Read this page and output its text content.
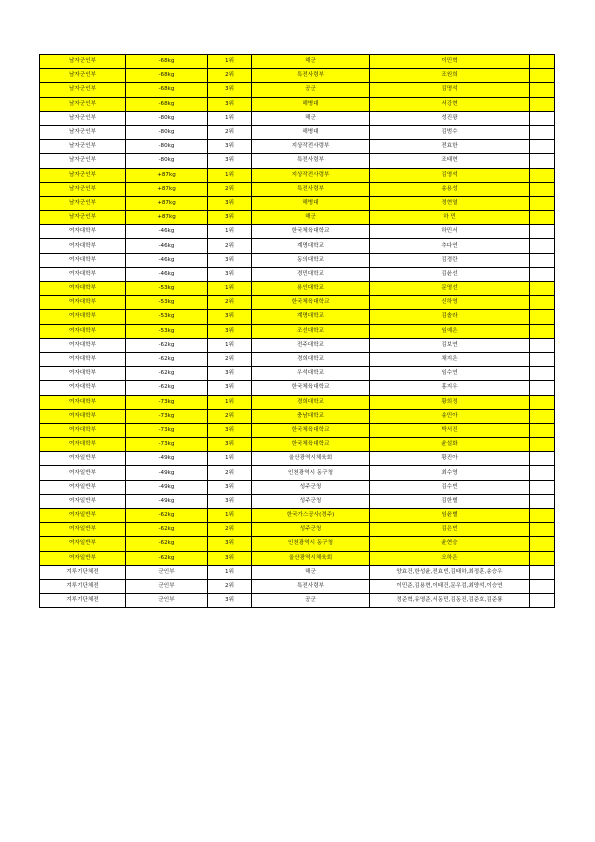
남자군인부	-68kg	1위	해군	이민혁	
남자군인부	-68kg	2위	특전사령부	조원희	
남자군인부	-68kg	3위	공군	김명석	
남자군인부	-68kg	3위	해병대	서강현	
남자군인부	-80kg	1위	해군	성진광	
남자군인부	-80kg	2위	해병대	김범수	
남자군인부	-80kg	3위	지상작전사령부	전효한	
남자군인부	-80kg	3위	특전사령부	조태현	
남자군인부	+87kg	1위	지상작전사령부	김영석	
남자군인부	+87kg	2위	특전사령부	송용성	
남자군인부	+87kg	3위	해병대	정현열	
남자군인부	+87kg	3위	해군	하 민	
여자대학부	-46kg	1위	한국체육대학교	하민서	
여자대학부	-46kg	2위	계명대학교	추다연	
여자대학부	-46kg	3위	동의대학교	김경란	
여자대학부	-46kg	3위	경민대학교	김윤선	
여자대학부	-53kg	1위	용인대학교	문영선	
여자대학부	-53kg	2위	한국체육대학교	신하영	
여자대학부	-53kg	3위	계명대학교	김솔라	
여자대학부	-53kg	3위	조선대학교	임예은	
여자대학부	-62kg	1위	전주대학교	김보연	
여자대학부	-62kg	2위	경희대학교	채지은	
여자대학부	-62kg	3위	우석대학교	임수연	
여자대학부	-62kg	3위	한국체육대학교	홍지우	
여자대학부	-73kg	1위	경희대학교	황희정	
여자대학부	-73kg	2위	충남대학교	송민아	
여자대학부	-73kg	3위	한국체육대학교	박서진	
여자대학부	-73kg	3위	한국체육대학교	윤설화	
여자일반부	-49kg	1위	울산광역시체육회	황진아	
여자일반부	-49kg	2위	인천광역시 동구청	최수영	
여자일반부	-49kg	3위	성주군청	김수빈	
여자일반부	-49kg	3위	성주군청	김한별	
여자일반부	-62kg	1위	한국가스공사(경주)	임윤별	
여자일반부	-62kg	2위	성주군청	김은빈	
여자일반부	-62kg	3위	인천광역시 동구청	윤현승	
여자일반부	-62kg	3위	울산광역시체육회	오하은	
겨루기단체전	군인부	1위	해군	양효건,한성윤,전효빈,김태하,최정훈,송승우	
겨루기단체전	군인부	2위	특전사령부	이민준,김용현,이태건,문우검,최양석,이승연	
겨루기단체전	군인부	3위	공군	정준혁,유영준,서동민,김동진,김준호,김준룡	
